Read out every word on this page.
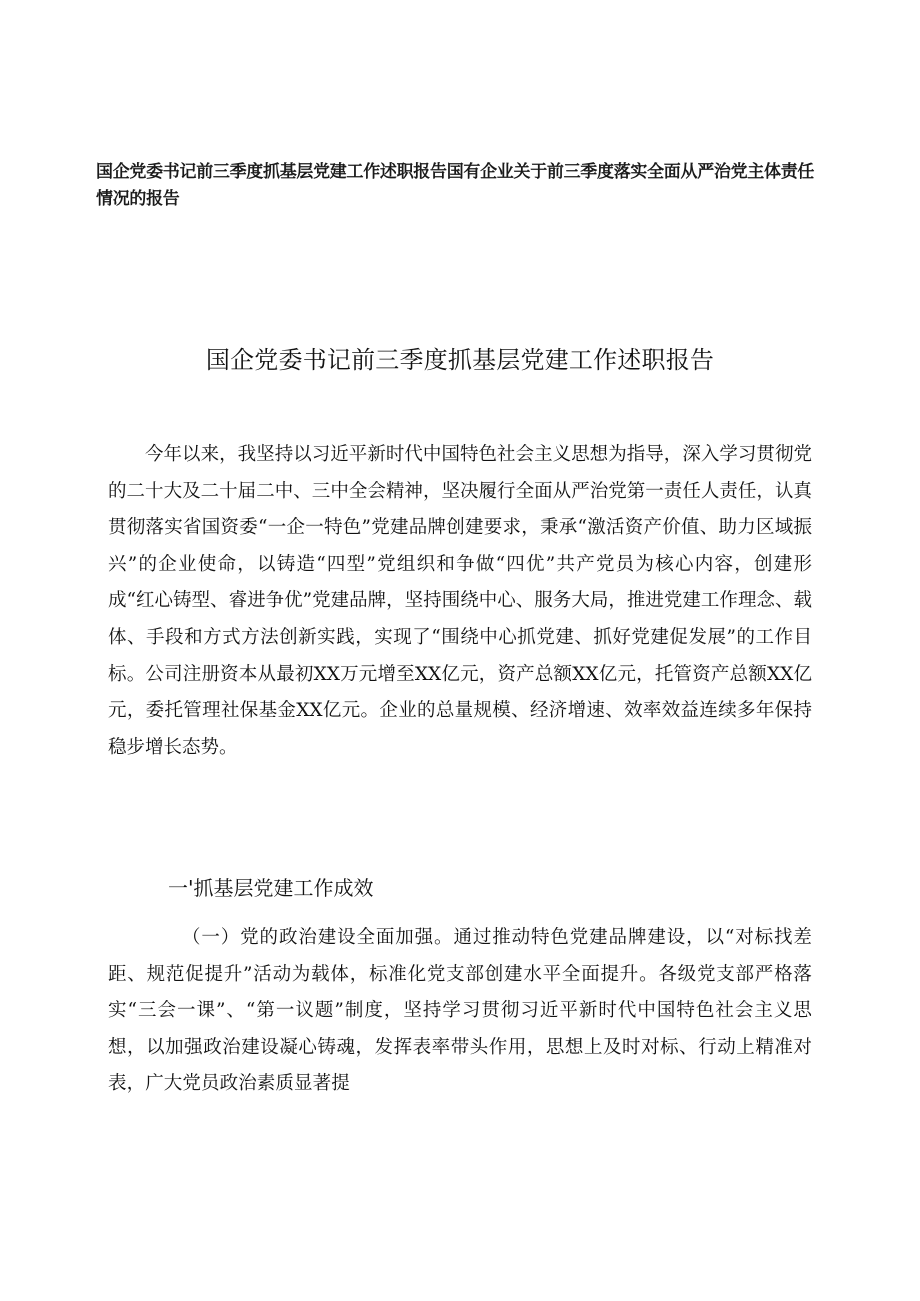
国企党委书记前三季度抓基层党建工作述职报告国有企业关于前三季度落实全面从严治党主体责任情况的报告
国企党委书记前三季度抓基层党建工作述职报告

今年以来，我坚持以习近平新时代中国特色社会主义思想为指导，深入学习贯彻党的二十大及二十届二中、三中全会精神，坚决履行全面从严治党第一责任人责任，认真贯彻落实省国资委“一企一特色”党建品牌创建要求，秉承“激活资产价值、助力区域振兴”的企业使命，以铸造“四型”党组织和争做“四优”共产党员为核心内容，创建形成“红心铸型、睿进争优”党建品牌，坚持围绕中心、服务大局，推进党建工作理念、载体、手段和方式方法创新实践，实现了“围绕中心抓党建、抓好党建促发展”的工作目标。公司注册资本从最初XX万元增至XX亿元，资产总额XX亿元，托管资产总额XX亿元，委托管理社保基金XX亿元。企业的总量规模、经济增速、效率效益连续多年保持稳步增长态势。

一'抓基层党建工作成效

（一）党的政治建设全面加强。通过推动特色党建品牌建设，以“对标找差距、规范促提升”活动为载体，标准化党支部创建水平全面提升。各级党支部严格落实“三会一课”、“第一议题”制度，坚持学习贯彻习近平新时代中国特色社会主义思想，以加强政治建设凝心铸魂，发挥表率带头作用，思想上及时对标、行动上精准对表，广大党员政治素质显著提
